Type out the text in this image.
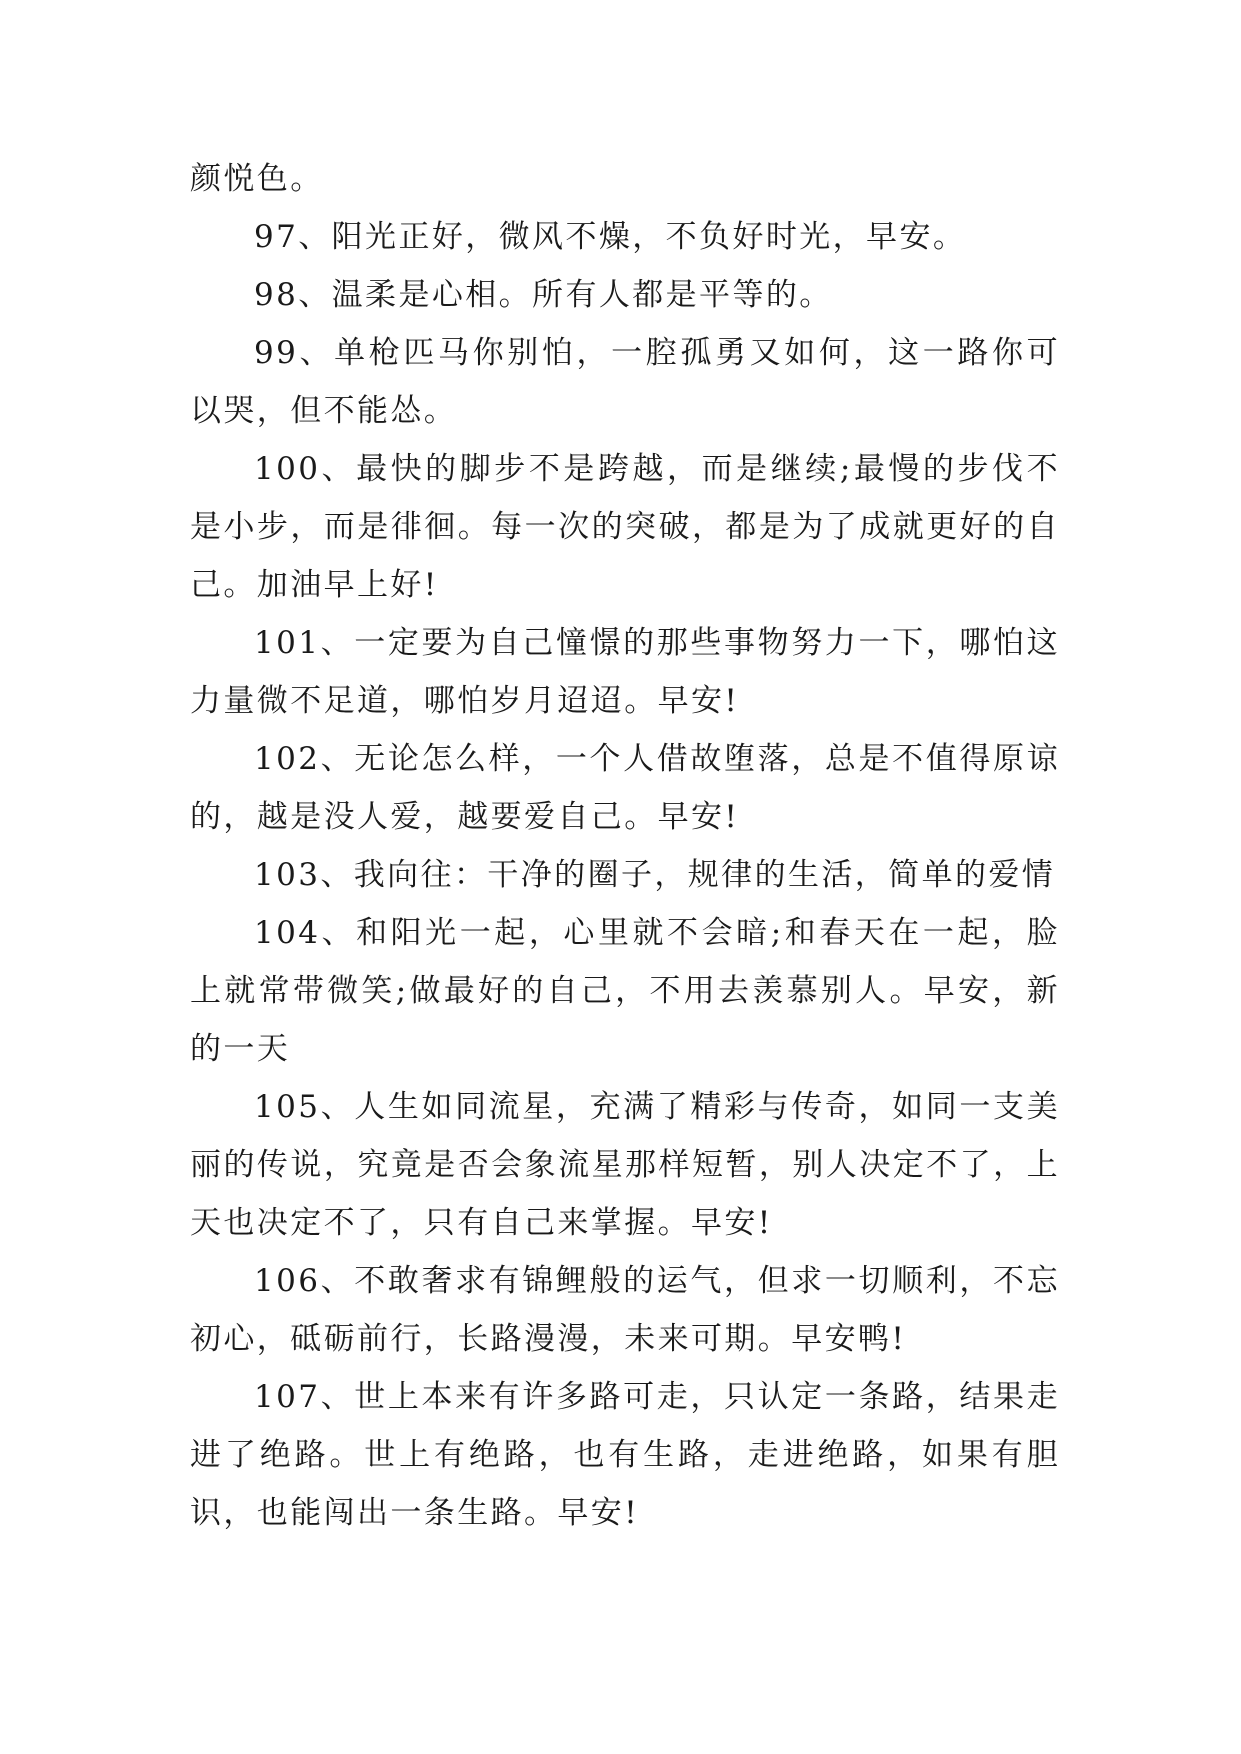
颜悦色。

97、阳光正好，微风不燥，不负好时光，早安。

98、温柔是心相。所有人都是平等的。

99、单枪匹马你别怕，一腔孤勇又如何，这一路你可以哭，但不能怂。

100、最快的脚步不是跨越，而是继续;最慢的步伐不是小步，而是徘徊。每一次的突破，都是为了成就更好的自己。加油早上好!

101、一定要为自己憧憬的那些事物努力一下，哪怕这力量微不足道，哪怕岁月迢迢。早安!

102、无论怎么样，一个人借故堕落，总是不值得原谅的，越是没人爱，越要爱自己。早安!

103、我向往：干净的圈子，规律的生活，简单的爱情

104、和阳光一起，心里就不会暗;和春天在一起，脸上就常带微笑;做最好的自己，不用去羡慕别人。早安，新的一天

105、人生如同流星，充满了精彩与传奇，如同一支美丽的传说，究竟是否会象流星那样短暂，别人决定不了，上天也决定不了，只有自己来掌握。早安!

106、不敢奢求有锦鲤般的运气，但求一切顺利，不忘初心，砥砺前行，长路漫漫，未来可期。早安鸭!

107、世上本来有许多路可走，只认定一条路，结果走进了绝路。世上有绝路，也有生路，走进绝路，如果有胆识，也能闯出一条生路。早安!
